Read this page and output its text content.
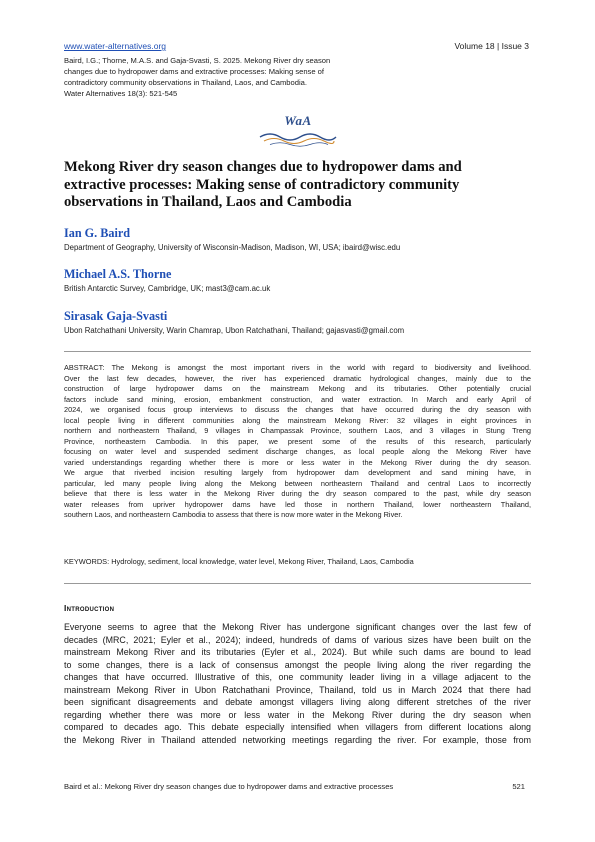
www.water-alternatives.org	Volume 18 | Issue 3
Baird, I.G.; Thorne, M.A.S. and Gaja-Svasti, S. 2025. Mekong River dry season
changes due to hydropower dams and extractive processes: Making sense of
contradictory community observations in Thailand, Laos, and Cambodia.
Water Alternatives 18(3): 521-545
WaA
Mekong River dry season changes due to hydropower dams and
extractive processes: Making sense of contradictory community
observations in Thailand, Laos and Cambodia
Ian G. Baird
Department of Geography, University of Wisconsin-Madison, Madison, WI, USA; ibaird@wisc.edu
Michael A.S. Thorne
British Antarctic Survey, Cambridge, UK; mast3@cam.ac.uk
Sirasak Gaja-Svasti
Ubon Ratchathani University, Warin Chamrap, Ubon Ratchathani, Thailand; gajasvasti@gmail.com
ABSTRACT: The Mekong is amongst the most important rivers in the world with regard to biodiversity and livelihood.
Over the last few decades, however, the river has experienced dramatic hydrological changes, mainly due to the
construction of large hydropower dams on the mainstream Mekong and its tributaries. Other potentially crucial
factors include sand mining, erosion, embankment construction, and water extraction. In March and early April of
2024, we organised focus group interviews to discuss the changes that have occurred during the dry season with
local people living in different communities along the mainstream Mekong River: 32 villages in eight provinces in
northern and northeastern Thailand, 9 villages in Champassak Province, southern Laos, and 3 villages in Stung Treng
Province, northeastern Cambodia. In this paper, we present some of the results of this research, particularly
focusing on water level and suspended sediment discharge changes, as local people along the Mekong River have
varied understandings regarding whether there is more or less water in the Mekong River during the dry season.
We argue that riverbed incision resulting largely from hydropower dam development and sand mining have, in
particular, led many people living along the Mekong between northeastern Thailand and central Laos to incorrectly
believe that there is less water in the Mekong River during the dry season compared to the past, while dry season
water releases from upriver hydropower dams have led those in northern Thailand, lower northeastern Thailand,
southern Laos, and northeastern Cambodia to assess that there is now more water in the Mekong River.
KEYWORDS: Hydrology, sediment, local knowledge, water level, Mekong River, Thailand, Laos, Cambodia
Introduction
Everyone seems to agree that the Mekong River has undergone significant changes over the last few of
decades (MRC, 2021; Eyler et al., 2024); indeed, hundreds of dams of various sizes have been built on the
mainstream Mekong River and its tributaries (Eyler et al., 2024). But while such dams are bound to lead
to some changes, there is a lack of consensus amongst the people living along the river regarding the
changes that have occurred. Illustrative of this, one community leader living in a village adjacent to the
mainstream Mekong River in Ubon Ratchathani Province, Thailand, told us in March 2024 that there had
been significant disagreements and debate amongst villagers living along different stretches of the river
regarding whether there was more or less water in the Mekong River during the dry season when
compared to decades ago. This debate especially intensified when villagers from different locations along
the Mekong River in Thailand attended networking meetings regarding the river. For example, those from
Baird et al.: Mekong River dry season changes due to hydropower dams and extractive processes	521
